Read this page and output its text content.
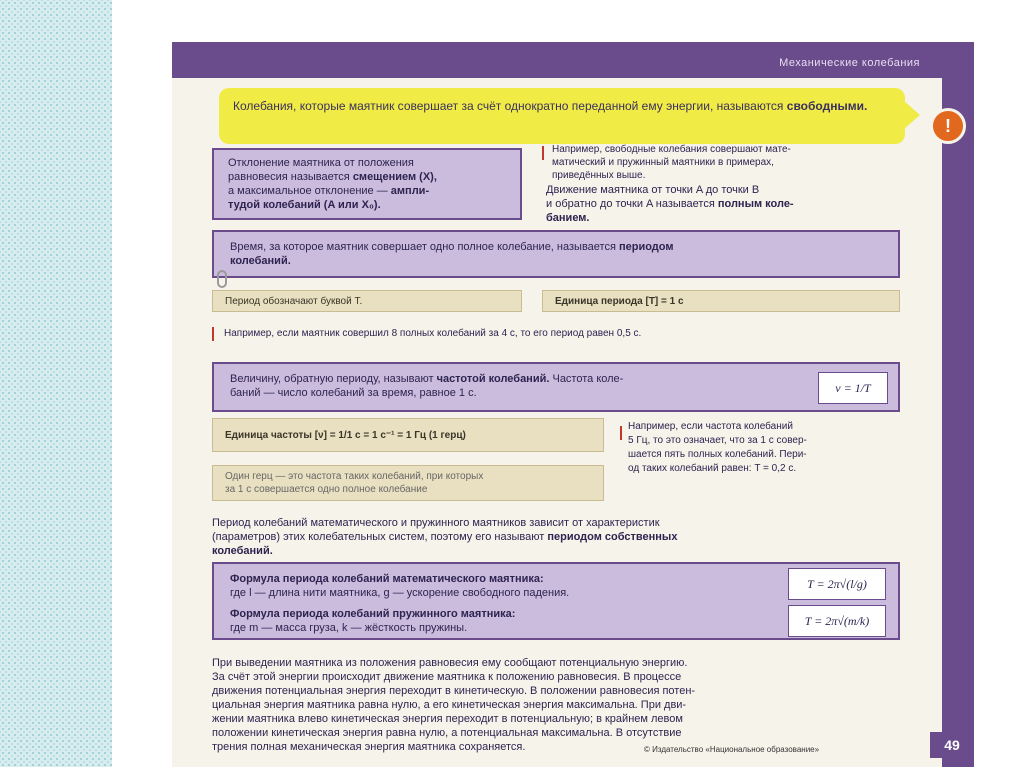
Механические колебания
Колебания, которые маятник совершает за счёт однократно переданной ему энергии, называются свободными.
!
Отклонение маятника от положения
равновесия называется смещением (X),
а максимальное отклонение — ампли-
тудой колебаний (A или X₀).
Например, свободные колебания совершают мате-
матический и пружинный маятники в примерах,
приведённых выше.
Движение маятника от точки A до точки B
и обратно до точки A называется полным коле-
банием.
Время, за которое маятник совершает одно полное колебание, называется периодом
колебаний.
Период обозначают буквой T.	Единица периода [T] = 1 с
Например, если маятник совершил 8 полных колебаний за 4 с, то его период равен 0,5 с.
Величину, обратную периоду, называют частотой колебаний. Частота коле-
баний — число колебаний за время, равное 1 с.	ν = 1/T
Единица частоты [ν] = 1/1 с = 1 с⁻¹ = 1 Гц (1 герц)
Один герц — это частота таких колебаний, при которых
за 1 с совершается одно полное колебание
Например, если частота колебаний
5 Гц, то это означает, что за 1 с совер-
шается пять полных колебаний. Пери-
од таких колебаний равен: T = 0,2 с.
Период колебаний математического и пружинного маятников зависит от характеристик
(параметров) этих колебательных систем, поэтому его называют периодом собственных
колебаний.
Формула периода колебаний математического маятника:
где l — длина нити маятника, g — ускорение свободного падения.
Формула периода колебаний пружинного маятника:
где m — масса груза, k — жёсткость пружины.
T = 2π√(l/g)
T = 2π√(m/k)
При выведении маятника из положения равновесия ему сообщают потенциальную энергию.
За счёт этой энергии происходит движение маятника к положению равновесия. В процессе
движения потенциальная энергия переходит в кинетическую. В положении равновесия потен-
циальная энергия маятника равна нулю, а его кинетическая энергия максимальна. При дви-
жении маятника влево кинетическая энергия переходит в потенциальную; в крайнем левом
положении кинетическая энергия равна нулю, а потенциальная максимальна. В отсутствие
трения полная механическая энергия маятника сохраняется.	© Издательство «Национальное образование»	49
